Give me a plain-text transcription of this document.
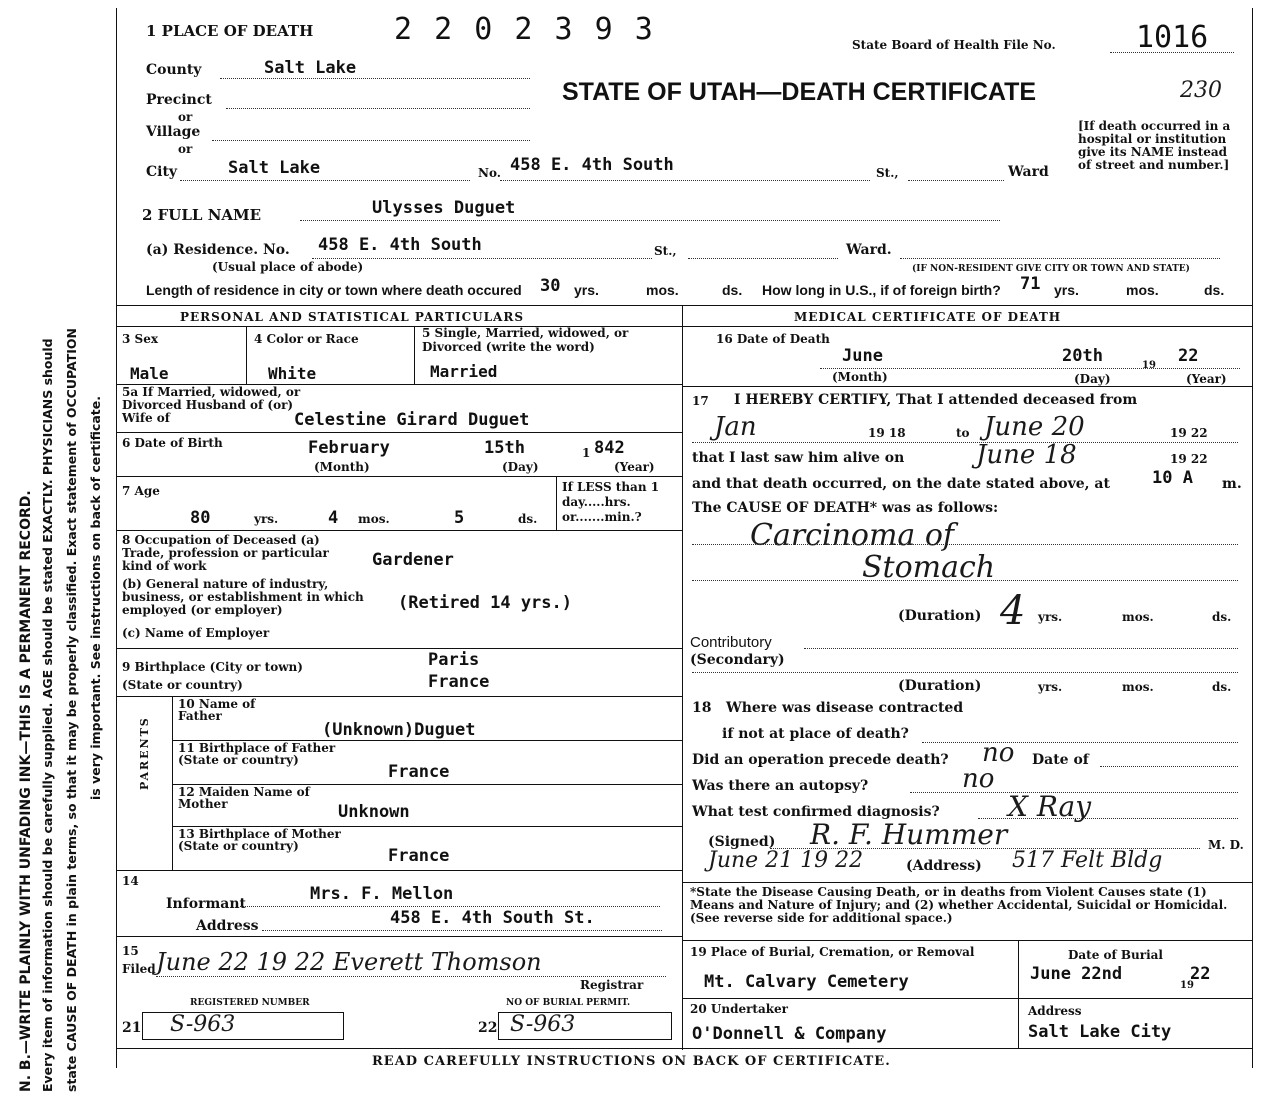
N. B.—WRITE PLAINLY WITH UNFADING INK—THIS IS A PERMANENT RECORD. Every item of information should be carefully supplied. AGE should be stated EXACTLY. PHYSICIANS should state CAUSE OF DEATH in plain terms, so that it may be properly classified. Exact statement of OCCUPATION is very important. See instructions on back of certificate.
1 PLACE OF DEATH	2 2 0 2 3 9 3	State Board of Health File No.	1016
STATE OF UTAH—DEATH CERTIFICATE	230
[If death occurred in a hospital or institution give its NAME instead of street and number.]
County	Salt Lake
Precinct
or
Village
or
City	Salt Lake	No. 458 E. 4th South	St.,	Ward
2 FULL NAME	Ulysses Duguet
(a) Residence. No. 458 E. 4th South	St.,	Ward.
(Usual place of abode)	(IF NON-RESIDENT GIVE CITY OR TOWN AND STATE)
Length of residence in city or town where death occured 30 yrs.	mos.	ds. How long in U.S., if of foreign birth? 71 yrs.	mos.	ds.
PERSONAL AND STATISTICAL PARTICULARS
3 Sex
Male
4 Color or Race
White
5 Single, Married, widowed, or Divorced (write the word)
Married
5a If Married, widowed, or Divorced Husband of (or) Wife of	Celestine Girard Duguet
6 Date of Birth	February	15th	1 842
(Month)	(Day)	(Year)
7 Age
80	yrs.	4 mos.	5	ds.
If LESS than 1 day.....hrs. or.......min.?
8 Occupation of Deceased (a) Trade, profession or particular kind of work	Gardener
(b) General nature of industry, business, or establishment in which employed (or employer)	(Retired 14 yrs.)
(c) Name of Employer
9 Birthplace (City or town)
(State or country)
Paris
France
PARENTS
10 Name of Father
(Unknown)Duguet
11 Birthplace of Father (State or country)
France
12 Maiden Name of Mother	Unknown
13 Birthplace of Mother (State or country)	France
14
Informant	Mrs. F. Mellon
Address	458 E. 4th South St.
15
Filed June 22 19 22 Everett Thomson
Registrar
REGISTERED NUMBER	NO OF BURIAL PERMIT.
21 S-963	22 S-963
MEDICAL CERTIFICATE OF DEATH
16 Date of Death
June	20th	19 22
(Month)	(Day)	(Year)
17 I HEREBY CERTIFY, That I attended deceased from
Jan	19 18	to June 20	19 22
that I last saw him alive on	June 18	19 22
and that death occurred, on the date stated above, at 10 A m.
The CAUSE OF DEATH* was as follows:
Carcinoma of
Stomach
(Duration) 4 yrs.	mos.	ds.
Contributory
(Secondary)
(Duration)	yrs.	mos.	ds.
18 Where was disease contracted
if not at place of death?
Did an operation precede death? no Date of
Was there an autopsy?	no
What test confirmed diagnosis? X Ray
(Signed) R. F. Hummer	M. D.
June 21 19 22	(Address) 517 Felt Bldg
*State the Disease Causing Death, or in deaths from Violent Causes state (1) Means and Nature of Injury; and (2) whether Accidental, Suicidal or Homicidal. (See reverse side for additional space.)
19 Place of Burial, Cremation, or Removal
Mt. Calvary Cemetery
Date of Burial
June 22nd
19
22
20 Undertaker
O'Donnell & Company
Address
Salt Lake City
READ CAREFULLY INSTRUCTIONS ON BACK OF CERTIFICATE.
